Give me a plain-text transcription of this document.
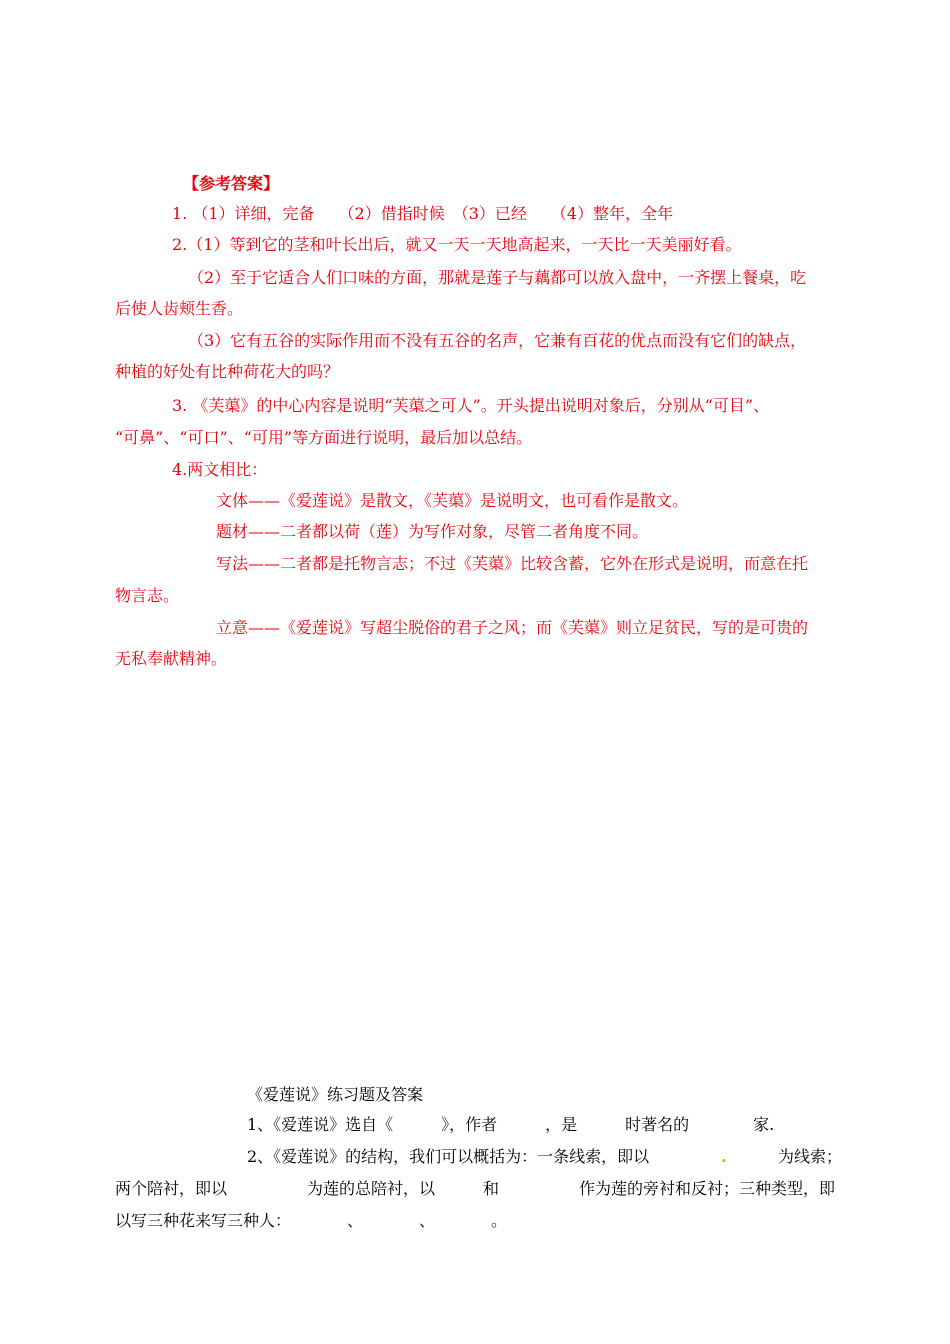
【参考答案】
1. （1）详细，完备　　（2）借指时候　（3）已经　　（4）整年，全年
2.（1）等到它的茎和叶长出后，就又一天一天地高起来，一天比一天美丽好看。
（2）至于它适合人们口味的方面，那就是莲子与藕都可以放入盘中，一齐摆上餐桌，吃
后使人齿颊生香。
（3）它有五谷的实际作用而不没有五谷的名声，它兼有百花的优点而没有它们的缺点，
种植的好处有比种荷花大的吗？
3. 《芙蕖》的中心内容是说明“芙蕖之可人”。开头提出说明对象后，分别从“可目”、
“可鼻”、“可口”、“可用”等方面进行说明，最后加以总结。
4.两文相比：
文体——《爱莲说》是散文，《芙蕖》是说明文，也可看作是散文。
题材——二者都以荷（莲）为写作对象，尽管二者角度不同。
写法——二者都是托物言志；不过《芙蕖》比较含蓄，它外在形式是说明，而意在托
物言志。
立意——《爱莲说》写超尘脱俗的君子之风；而《芙蕖》则立足贫民，写的是可贵的
无私奉献精神。
《爱莲说》练习题及答案
1、《爱莲说》选自《　　　》，作者　　　，是　　　时著名的　　　　家.
2、《爱莲说》的结构，我们可以概括为：一条线索，即以	.	为线索；
两个陪衬，即以　　　　　为莲的总陪衬，以　　　和　　　　　作为莲的旁衬和反衬；三种类型，即
以写三种花来写三种人：　　　　、　　　　、　　　　。
